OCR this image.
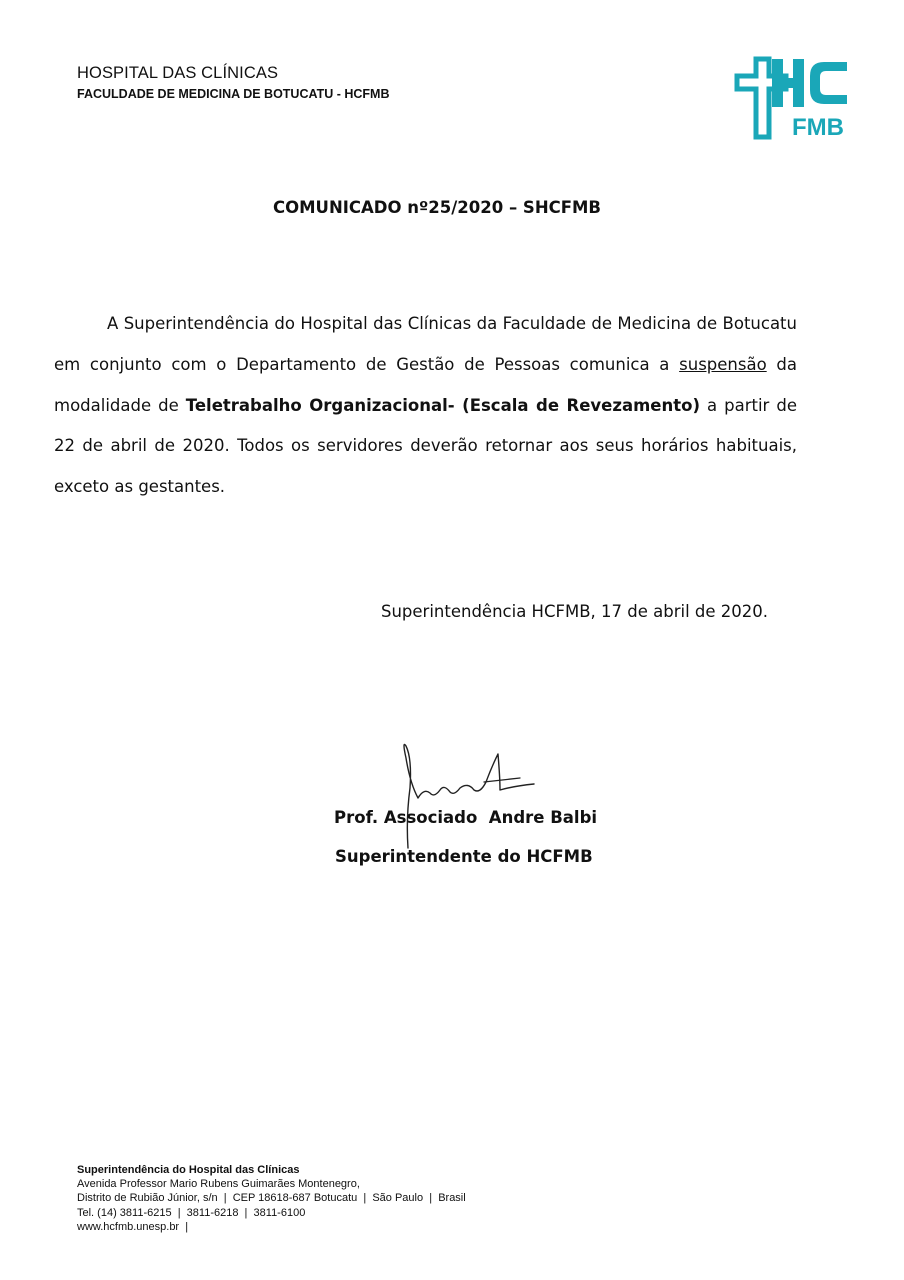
HOSPITAL DAS CLÍNICAS
FACULDADE DE MEDICINA DE BOTUCATU - HCFMB
FMB
COMUNICADO nº25/2020 – SHCFMB

A Superintendência do Hospital das Clínicas da Faculdade de Medicina de Botucatu em conjunto com o Departamento de Gestão de Pessoas comunica a suspensão da modalidade de Teletrabalho Organizacional- (Escala de Revezamento) a partir de 22 de abril de 2020. Todos os servidores deverão retornar aos seus horários habituais, exceto as gestantes.

Superintendência HCFMB, 17 de abril de 2020.
Prof. Associado  Andre Balbi
Superintendente do HCFMB
Superintendência do Hospital das Clínicas
Avenida Professor Mario Rubens Guimarães Montenegro,
Distrito de Rubião Júnior, s/n  |  CEP 18618-687 Botucatu  |  São Paulo  |  Brasil
Tel. (14) 3811-6215  |  3811-6218  |  3811-6100
www.hcfmb.unesp.br  |
